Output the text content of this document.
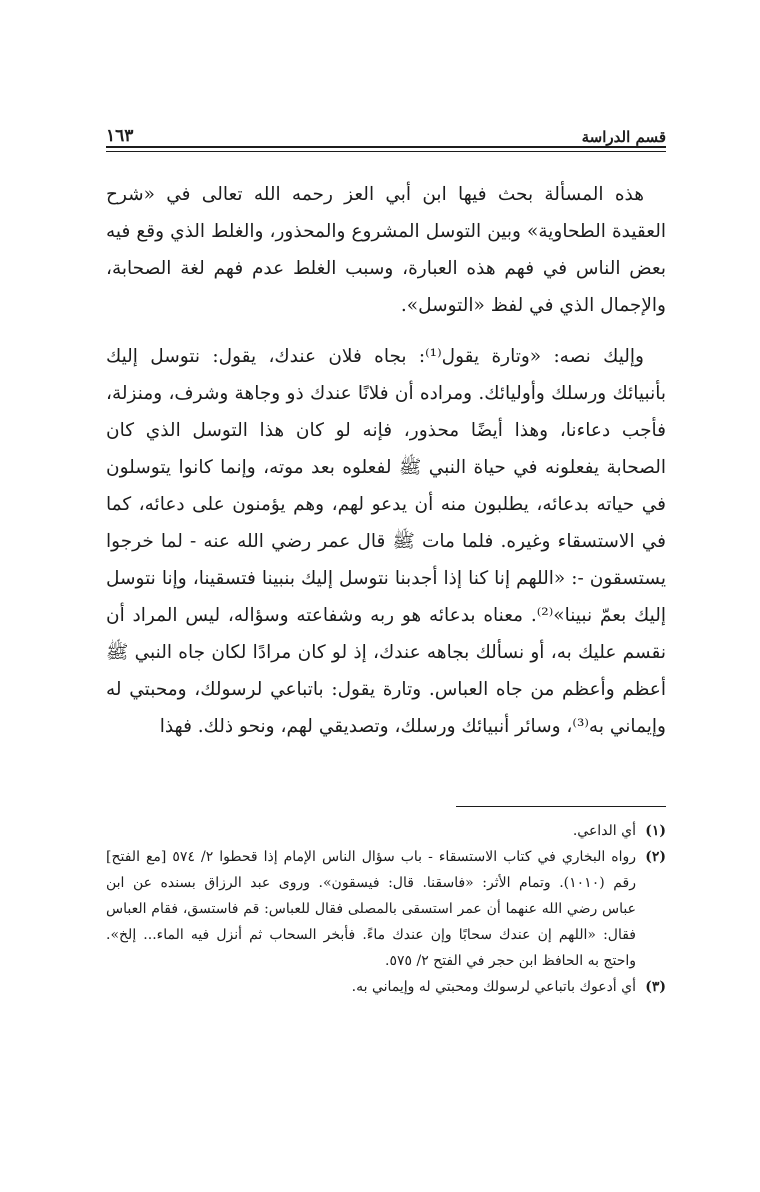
قسم الدراسة
١٦٣

هذه المسألة بحث فيها ابن أبي العز رحمه الله تعالى في «شرح العقيدة الطحاوية» وبين التوسل المشروع والمحذور، والغلط الذي وقع فيه بعض الناس في فهم هذه العبارة، وسبب الغلط عدم فهم لغة الصحابة، والإجمال الذي في لفظ «التوسل».

وإليك نصه: «وتارة يقول⁽¹⁾: بجاه فلان عندك، يقول: نتوسل إليك بأنبيائك ورسلك وأوليائك. ومراده أن فلانًا عندك ذو وجاهة وشرف، ومنزلة، فأجب دعاءنا، وهذا أيضًا محذور، فإنه لو كان هذا التوسل الذي كان الصحابة يفعلونه في حياة النبي ﷺ لفعلوه بعد موته، وإنما كانوا يتوسلون في حياته بدعائه، يطلبون منه أن يدعو لهم، وهم يؤمنون على دعائه، كما في الاستسقاء وغيره. فلما مات ﷺ قال عمر رضي الله عنه - لما خرجوا يستسقون -: «اللهم إنا كنا إذا أجدبنا نتوسل إليك بنبينا فتسقينا، وإنا نتوسل إليك بعمّ نبينا»⁽²⁾. معناه بدعائه هو ربه وشفاعته وسؤاله، ليس المراد أن نقسم عليك به، أو نسألك بجاهه عندك، إذ لو كان مرادًا لكان جاه النبي ﷺ أعظم وأعظم من جاه العباس. وتارة يقول: باتباعي لرسولك، ومحبتي له وإيماني به⁽³⁾، وسائر أنبيائك ورسلك، وتصديقي لهم، ونحو ذلك. فهذا

(١)
أي الداعي.
(٢)
رواه البخاري في كتاب الاستسقاء - باب سؤال الناس الإمام إذا قحطوا ٢/ ٥٧٤ [مع الفتح]
رقم (١٠١٠). وتمام الأثر: «فاسقنا. قال: فيسقون». وروى عبد الرزاق بسنده عن ابن
عباس رضي الله عنهما أن عمر استسقى بالمصلى فقال للعباس: قم فاستسق، فقام العباس
فقال: «اللهم إن عندك سحابًا وإن عندك ماءً. فأبخر السحاب ثم أنزل فيه الماء... إلخ».
واحتج به الحافظ ابن حجر في الفتح ٢/ ٥٧٥.
(٣)
أي أدعوك باتباعي لرسولك ومحبتي له وإيماني به.
